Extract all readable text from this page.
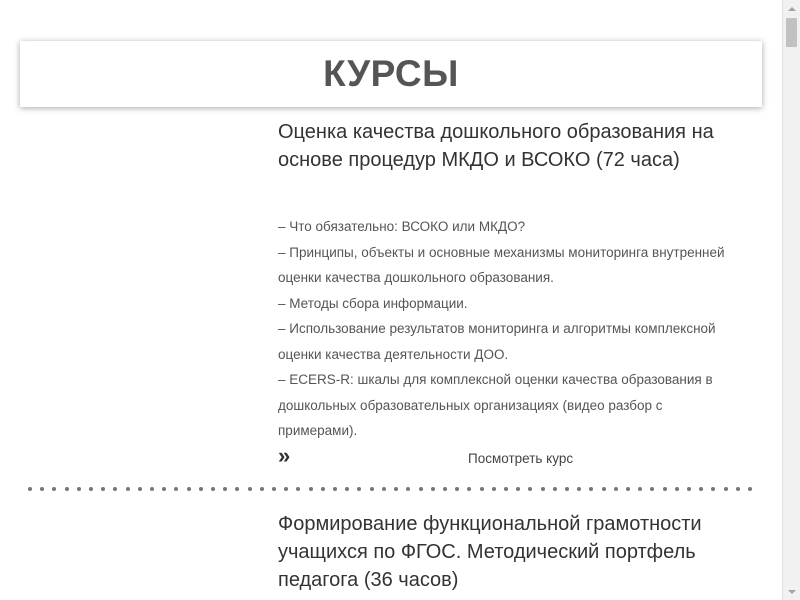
КУРСЫ
Оценка качества дошкольного образования на основе процедур МКДО и ВСОКО (72 часа)
– Что обязательно: ВСОКО или МКДО?
– Принципы, объекты и основные механизмы мониторинга внутренней
оценки качества дошкольного образования.
– Методы сбора информации.
– Использование результатов мониторинга и алгоритмы комплексной
оценки качества деятельности ДОО.
– ECERS-R: шкалы для комплексной оценки качества образования в
дошкольных образовательных организациях (видео разбор с
примерами).
»	Посмотреть курс
Формирование функциональной грамотности учащихся по ФГОС. Методический портфель педагога (36 часов)
